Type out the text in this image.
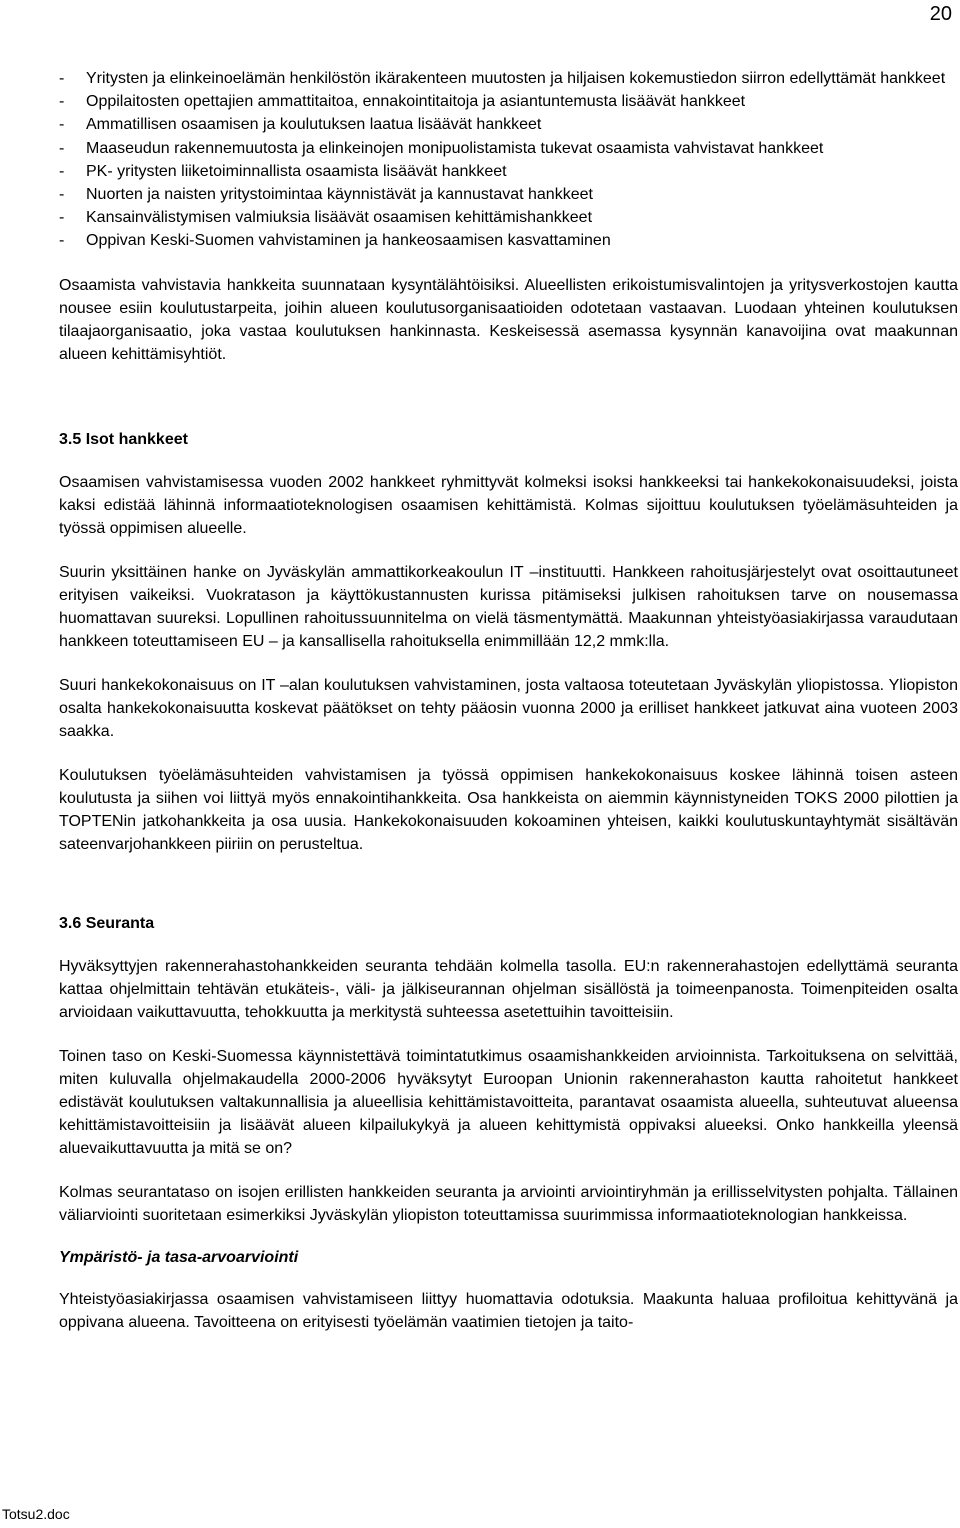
20
- Yritysten ja elinkeinoelämän henkilöstön ikärakenteen muutosten ja hiljaisen kokemustiedon siirron edellyttämät hankkeet
- Oppilaitosten opettajien ammattitaitoa, ennakointitaitoja ja asiantuntemusta lisäävät hankkeet
- Ammatillisen osaamisen ja koulutuksen laatua lisäävät hankkeet
- Maaseudun rakennemuutosta ja elinkeinojen monipuolistamista tukevat osaamista vahvistavat hankkeet
- PK- yritysten liiketoiminnallista osaamista lisäävät hankkeet
- Nuorten ja naisten yritystoimintaa käynnistävät ja kannustavat hankkeet
- Kansainvälistymisen valmiuksia lisäävät osaamisen kehittämishankkeet
- Oppivan Keski-Suomen vahvistaminen ja hankeosaamisen kasvattaminen

Osaamista vahvistavia hankkeita suunnataan kysyntälähtöisiksi. Alueellisten erikoistumisvalintojen ja yritysverkostojen kautta nousee esiin koulutustarpeita, joihin alueen koulutusorganisaatioiden odotetaan vastaavan. Luodaan yhteinen koulutuksen tilaajaorganisaatio, joka vastaa koulutuksen hankinnasta. Keskeisessä asemassa kysynnän kanavoijina ovat maakunnan alueen kehittämisyhtiöt.

3.5 Isot hankkeet

Osaamisen vahvistamisessa vuoden 2002 hankkeet ryhmittyvät kolmeksi isoksi hankkeeksi tai hankekokonaisuudeksi, joista kaksi edistää lähinnä informaatioteknologisen osaamisen kehittämistä. Kolmas sijoittuu koulutuksen työelämäsuhteiden ja työssä oppimisen alueelle.

Suurin yksittäinen hanke on Jyväskylän ammattikorkeakoulun IT –instituutti. Hankkeen rahoitusjärjestelyt ovat osoittautuneet erityisen vaikeiksi. Vuokratason ja käyttökustannusten kurissa pitämiseksi julkisen rahoituksen tarve on nousemassa huomattavan suureksi. Lopullinen rahoitussuunnitelma on vielä täsmentymättä. Maakunnan yhteistyöasiakirjassa varaudutaan hankkeen toteuttamiseen EU – ja kansallisella rahoituksella enimmillään 12,2 mmk:lla.

Suuri hankekokonaisuus on IT –alan koulutuksen vahvistaminen, josta valtaosa toteutetaan Jyväskylän yliopistossa. Yliopiston osalta hankekokonaisuutta koskevat päätökset on tehty pääosin vuonna 2000 ja erilliset hankkeet jatkuvat aina vuoteen 2003 saakka.

Koulutuksen työelämäsuhteiden vahvistamisen ja työssä oppimisen hankekokonaisuus koskee lähinnä toisen asteen koulutusta ja siihen voi liittyä myös ennakointihankkeita. Osa hankkeista on aiemmin käynnistyneiden TOKS 2000 pilottien ja TOPTENin jatkohankkeita ja osa uusia. Hankekokonaisuuden kokoaminen yhteisen, kaikki koulutuskuntayhtymät sisältävän sateenvarjohankkeen piiriin on perusteltua.

3.6 Seuranta

Hyväksyttyjen rakennerahastohankkeiden seuranta tehdään kolmella tasolla. EU:n rakennerahastojen edellyttämä seuranta kattaa ohjelmittain tehtävän etukäteis-, väli- ja jälkiseurannan ohjelman sisällöstä ja toimeenpanosta. Toimenpiteiden osalta arvioidaan vaikuttavuutta, tehokkuutta ja merkitystä suhteessa asetettuihin tavoitteisiin.

Toinen taso on Keski-Suomessa käynnistettävä toimintatutkimus osaamishankkeiden arvioinnista. Tarkoituksena on selvittää, miten kuluvalla ohjelmakaudella 2000-2006 hyväksytyt Euroopan Unionin rakennerahaston kautta rahoitetut hankkeet edistävät koulutuksen valtakunnallisia ja alueellisia kehittämistavoitteita, parantavat osaamista alueella, suhteutuvat alueensa kehittämistavoitteisiin ja lisäävät alueen kilpailukykyä ja alueen kehittymistä oppivaksi alueeksi. Onko hankkeilla yleensä aluevaikuttavuutta ja mitä se on?

Kolmas seurantataso on isojen erillisten hankkeiden seuranta ja arviointi arviointiryhmän ja erillisselvitysten pohjalta. Tällainen väliarviointi suoritetaan esimerkiksi Jyväskylän yliopiston toteuttamissa suurimmissa informaatioteknologian hankkeissa.

Ympäristö- ja tasa-arvoarviointi

Yhteistyöasiakirjassa osaamisen vahvistamiseen liittyy huomattavia odotuksia. Maakunta haluaa profiloitua kehittyvänä ja oppivana alueena. Tavoitteena on erityisesti työelämän vaatimien tietojen ja taito-

Totsu2.doc
